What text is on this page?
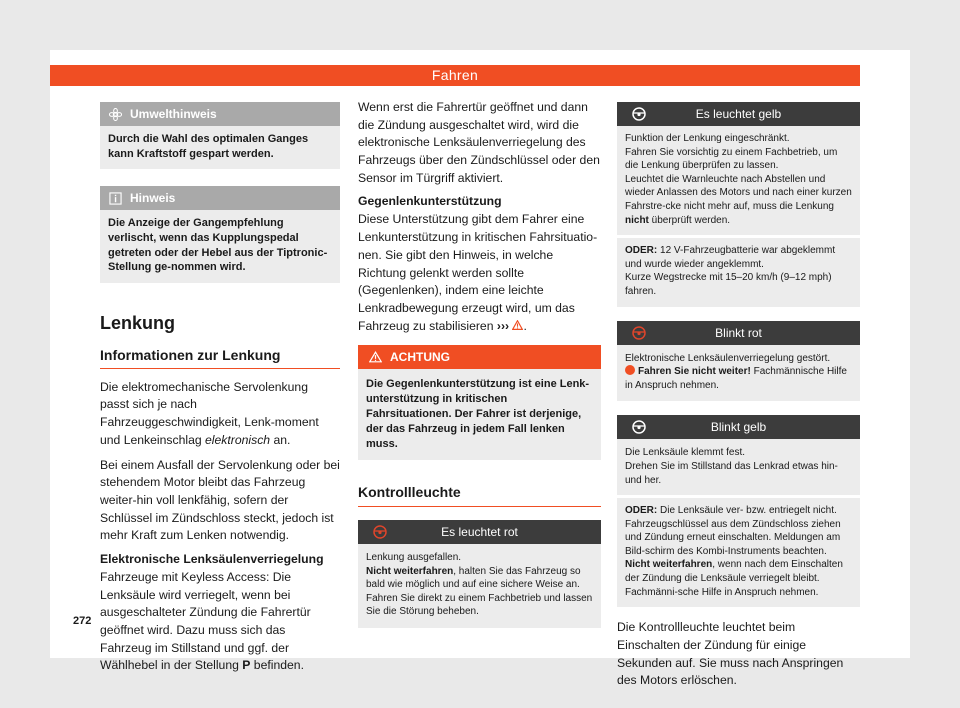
Fahren
Umwelthinweis
Durch die Wahl des optimalen Ganges kann Kraftstoff gespart werden.
Hinweis
Die Anzeige der Gangempfehlung verlischt, wenn das Kupplungspedal getreten oder der Hebel aus der Tiptronic-Stellung ge-nommen wird.
Lenkung
Informationen zur Lenkung
Die elektromechanische Servolenkung passt sich je nach Fahrzeuggeschwindigkeit, Lenk-moment und Lenkeinschlag elektronisch an.
Bei einem Ausfall der Servolenkung oder bei stehendem Motor bleibt das Fahrzeug weiter-hin voll lenkfähig, sofern der Schlüssel im Zündschloss steckt, jedoch ist mehr Kraft zum Lenken notwendig.
Elektronische Lenksäulenverriegelung
Fahrzeuge mit Keyless Access: Die Lenksäule wird verriegelt, wenn bei ausgeschalteter Zündung die Fahrertür geöffnet wird. Dazu muss sich das Fahrzeug im Stillstand und ggf. der Wählhebel in der Stellung P befinden.
Wenn erst die Fahrertür geöffnet und dann die Zündung ausgeschaltet wird, wird die elektronische Lenksäulenverriegelung des Fahrzeugs über den Zündschlüssel oder den Sensor im Türgriff aktiviert.
Gegenlenkunterstützung
Diese Unterstützung gibt dem Fahrer eine Lenkunterstützung in kritischen Fahrsituatio-nen. Sie gibt den Hinweis, in welche Richtung gelenkt werden sollte (Gegenlenken), indem eine leichte Lenkradbewegung erzeugt wird, um das Fahrzeug zu stabilisieren ››› .
ACHTUNG
Die Gegenlenkunterstützung ist eine Lenk-unterstützung in kritischen Fahrsituationen. Der Fahrer ist derjenige, der das Fahrzeug in jedem Fall lenken muss.
Kontrollleuchte
Es leuchtet rot
Lenkung ausgefallen.
Nicht weiterfahren, halten Sie das Fahrzeug so bald wie möglich und auf eine sichere Weise an.
Fahren Sie direkt zu einem Fachbetrieb und lassen Sie die Störung beheben.
Es leuchtet gelb
Funktion der Lenkung eingeschränkt.
Fahren Sie vorsichtig zu einem Fachbetrieb, um die Lenkung überprüfen zu lassen.
Leuchtet die Warnleuchte nach Abstellen und wieder Anlassen des Motors und nach einer kurzen Fahrstre-cke nicht mehr auf, muss die Lenkung nicht überprüft werden.
ODER: 12 V-Fahrzeugbatterie war abgeklemmt und wurde wieder angeklemmt.
Kurze Wegstrecke mit 15–20 km/h (9–12 mph) fahren.
Blinkt rot
Elektronische Lenksäulenverriegelung gestört.
Fahren Sie nicht weiter! Fachmännische Hilfe in Anspruch nehmen.
Blinkt gelb
Die Lenksäule klemmt fest.
Drehen Sie im Stillstand das Lenkrad etwas hin- und her.
ODER: Die Lenksäule ver- bzw. entriegelt nicht.
Fahrzeugschlüssel aus dem Zündschloss ziehen und Zündung erneut einschalten. Meldungen am Bild-schirm des Kombi-Instruments beachten.
Nicht weiterfahren, wenn nach dem Einschalten der Zündung die Lenksäule verriegelt bleibt. Fachmänni-sche Hilfe in Anspruch nehmen.
Die Kontrollleuchte leuchtet beim Einschalten der Zündung für einige Sekunden auf. Sie muss nach Anspringen des Motors erlöschen.
272
